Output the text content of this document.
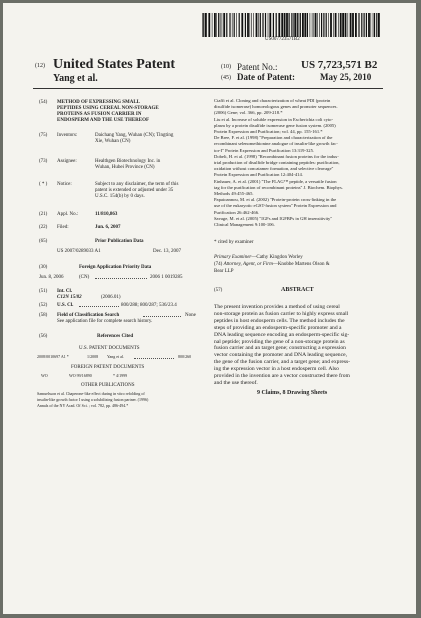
US007723571B2
(12) United States Patent
Yang et al.
(10) Patent No.: US 7,723,571 B2
(45) Date of Patent:	May 25, 2010
(54) METHOD OF EXPRESSING SMALL
PEPTIDES USING CEREAL NON-STORAGE
PROTEINS AS FUSION CARRIER IN
ENDOSPERM AND THE USE THEREOF
(75) Inventors:	Daichang Yang, Wuhan (CN); Tingting
Xie, Wuhan (CN)
(73) Assignee:	Healthgen Biotechnology Inc. in
Wuhan, Hubei Province (CN)
( * ) Notice:	Subject to any disclaimer, the term of this
patent is extended or adjusted under 35
U.S.C. 154(b) by 0 days.
(21) Appl. No.:	11/810,863
(22) Filed:	Jun. 6, 2007
(65)	Prior Publication Data
US 2007/0289033 A1	Dec. 13, 2007
(30)	Foreign Application Priority Data
Jun. 8, 2006	(CN)	2006 1 0019285
(51) Int. Cl.
C12N 15/82	(2006.01)
(52) U.S. Cl.	800/288; 800/287; 536/23.4
(58) Field of Classification Search	None
See application file for complete search history.
(56)	References Cited
U.S. PATENT DOCUMENTS
2008/0010697 A1 *	1/2008 Yang et al.	800/260
FOREIGN PATENT DOCUMENTS
WO	WO 99/16890	* 4/1999
OTHER PUBLICATIONS
Samuelsson et al. Chaperone-like effect during in vitro refolding of
insulin-like growth factor I using a solubilizing fusion partner. (1996)
Annals of the NY Acad. Of Sci. ; vol. 782, pp. 486-494.*
Ciaffi et al. Cloning and characterization of wheat PDI (protein
disulfide isomerase) homoeologous genes and promoter sequences.
(2006) Gene; vol. 366, pp. 209-218.*
Liu et al. Increase of soluble expression in Escherichia coli cyto-
plasm by a protein disulfide isomerase gene fusion system. (2005)
Protein Expression and Purification; vol. 44, pp. 155-161.*
De Bree, F. et al. (1998) "Preparation and characterization of the
recombinant selenomethionine analogue of insulin-like growth fac-
tor-I" Protein Expression and Purification 13:319-325.
Dobeli, H. et al. (1998) "Recombinant fusion proteins for the indus-
trial production of disulfide bridge containing peptides: purification,
oxidation without concatamer formation, and selective cleavage"
Protein Expression and Purification 12:404-414.
Einhauer, A. et al. (2001) "The FLAG™ peptide, a versatile fusion
tag for the purification of recombinant proteins" J. Biochem. Biophys.
Methods 49:455-465.
Papaioannou, M. et al. (2002) "Protein-protein cross-linking in the
use of the eukaryotic eGST-fusion system" Protein Expression and
Purification 26:462-466.
Savage, M. et al. (2005) "IGFs and IGFBPs in GH insensitivity"
Clinical Management 9:100-106.
* cited by examiner
Primary Examiner—Cathy Kingdon Worley
(74) Attorney, Agent, or Firm—Knobbe Martens Olson &
Bear LLP
(57)	ABSTRACT
The present invention provides a method of using cereal
non-storage protein as fusion carrier to highly express small
peptides in host endosperm cells. The method includes the
steps of providing an endosperm-specific promoter and a
DNA leading sequence encoding an endosperm-specific sig-
nal peptide; providing the gene of a non-storage protein as
fusion carrier and an target gene; constructing a expression
vector containing the promoter and DNA leading sequence,
the gene of the fusion carrier, and a target gene; and express-
ing the expression vector in a host endosperm cell. Also
provided in the invention are a vector constructed there from
and the use thereof.
9 Claims, 8 Drawing Sheets
